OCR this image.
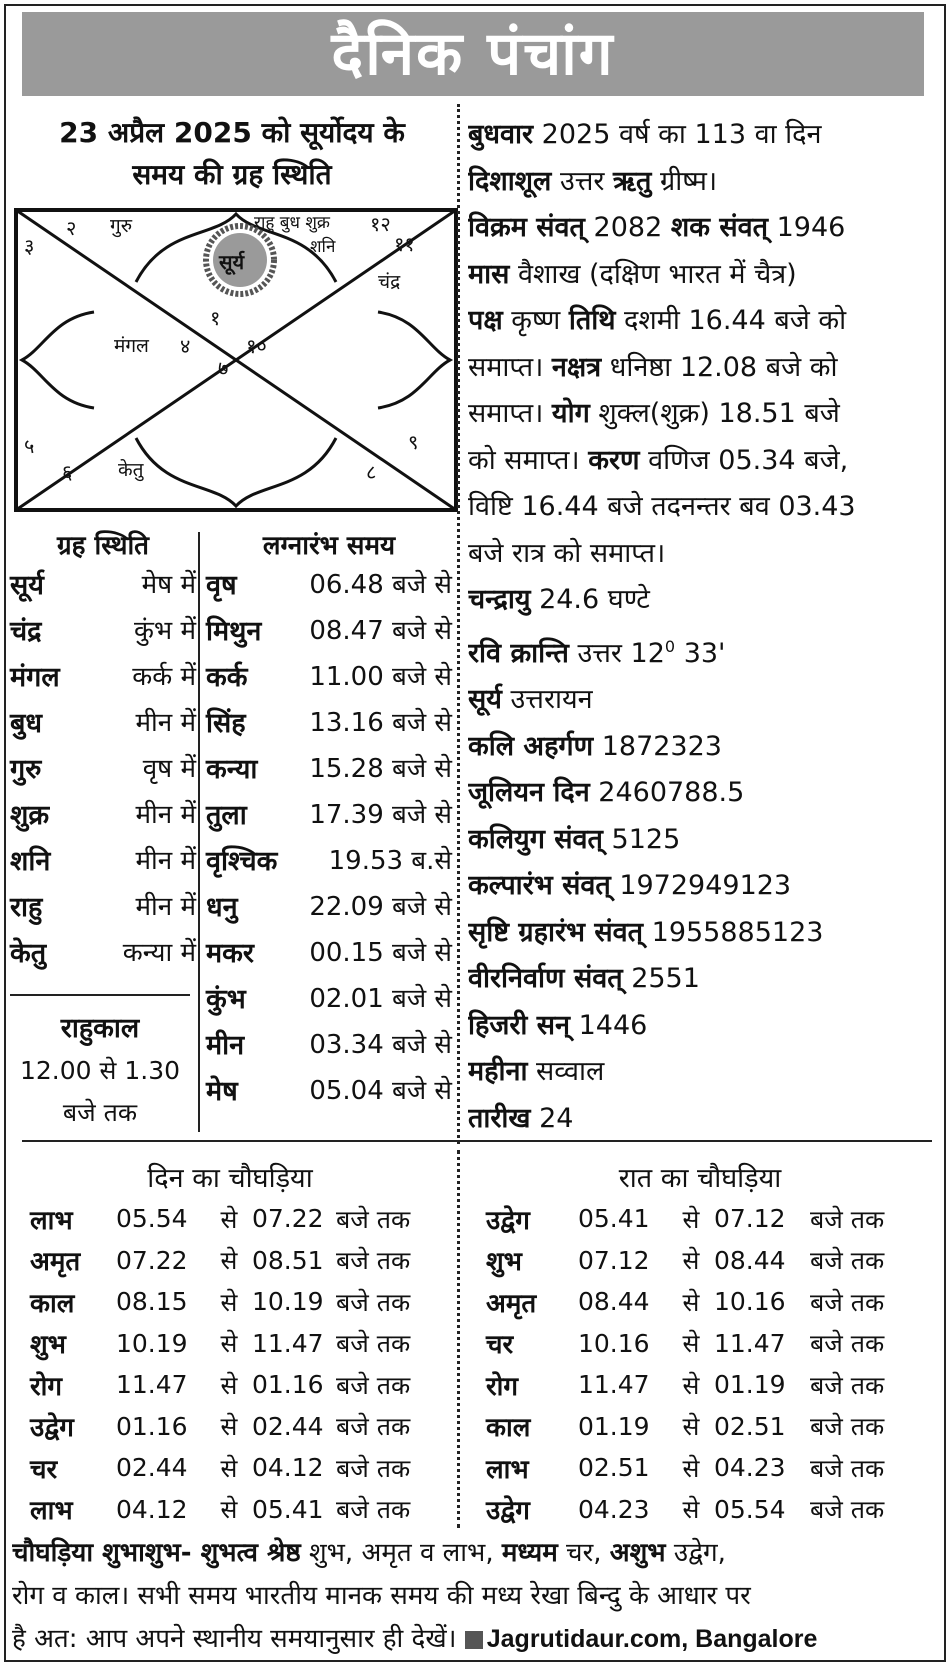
दैनिक पंचांग
23 अप्रैल 2025 को सूर्योदय के
समय की ग्रह स्थिति
२
३
१
४
७
१०
५
६	८
९
११
१२
गुरु	राहु बुध शुक्र
शनि
चंद्र
सूर्य
मंगल
केतु
बुधवार 2025 वर्ष का 113 वा दिन
दिशाशूल उत्तर ऋतु ग्रीष्म।
विक्रम संवत् 2082 शक संवत् 1946
मास वैशाख (दक्षिण भारत में चैत्र)
पक्ष कृष्ण तिथि दशमी 16.44 बजे को
समाप्त। नक्षत्र धनिष्ठा 12.08 बजे को
समाप्त। योग शुक्ल(शुक्र) 18.51 बजे
को समाप्त। करण वणिज 05.34 बजे,
विष्टि 16.44 बजे तदनन्तर बव 03.43
बजे रात्र को समाप्त।
चन्द्रायु 24.6 घण्टे
रवि क्रान्ति उत्तर $12^0$ 33'
सूर्य उत्तरायन
कलि अहर्गण 1872323
जूलियन दिन 2460788.5
कलियुग संवत् 5125
कल्पारंभ संवत् 1972949123
सृष्टि ग्रहारंभ संवत् 1955885123
वीरनिर्वाण संवत् 2551
हिजरी सन् 1446
महीना सव्वाल
तारीख 24
ग्रह स्थिति	लग्नारंभ समय
सूर्य	मेष में
चंद्र	कुंभ में
मंगल	कर्क में
बुध	मीन में
गुरु	वृष में
शुक्र	मीन में
शनि	मीन में
राहु	मीन में
केतु	कन्या में
राहुकाल
12.00 से 1.30
बजे तक
वृष	06.48 बजे से
मिथुन 08.47 बजे से
कर्क 11.00 बजे से
सिंह 13.16 बजे से
कन्या 15.28 बजे से
तुला 17.39 बजे से
वृश्चिक 19.53 ब.से
धनु	22.09 बजे से
मकर 00.15 बजे से
कुंभ 02.01 बजे से
मीन	03.34 बजे से
मेष	05.04 बजे से
दिन का चौघड़िया	रात का चौघड़िया
लाभ	05.54	से 07.22 बजे तक
अमृत	07.22	से 08.51 बजे तक
काल	08.15	से 10.19 बजे तक
शुभ	10.19	से 11.47 बजे तक
रोग	11.47	से 01.16 बजे तक
उद्वेग	01.16	से 02.44 बजे तक
चर	02.44	से 04.12 बजे तक
लाभ	04.12	से 05.41 बजे तक
उद्वेग	05.41	से 07.12 बजे तक
शुभ	07.12	से 08.44 बजे तक
अमृत	08.44	से 10.16 बजे तक
चर	10.16	से 11.47 बजे तक
रोग	11.47	से 01.19 बजे तक
काल	01.19	से 02.51 बजे तक
लाभ	02.51	से 04.23 बजे तक
उद्वेग	04.23	से 05.54 बजे तक
चौघड़िया शुभाशुभ- शुभत्व श्रेष्ठ शुभ, अमृत व लाभ, मध्यम चर, अशुभ उद्वेग,
रोग व काल। सभी समय भारतीय मानक समय की मध्य रेखा बिन्दु के आधार पर
है अत: आप अपने स्थानीय समयानुसार ही देखें। Jagrutidaur.com, Bangalore
